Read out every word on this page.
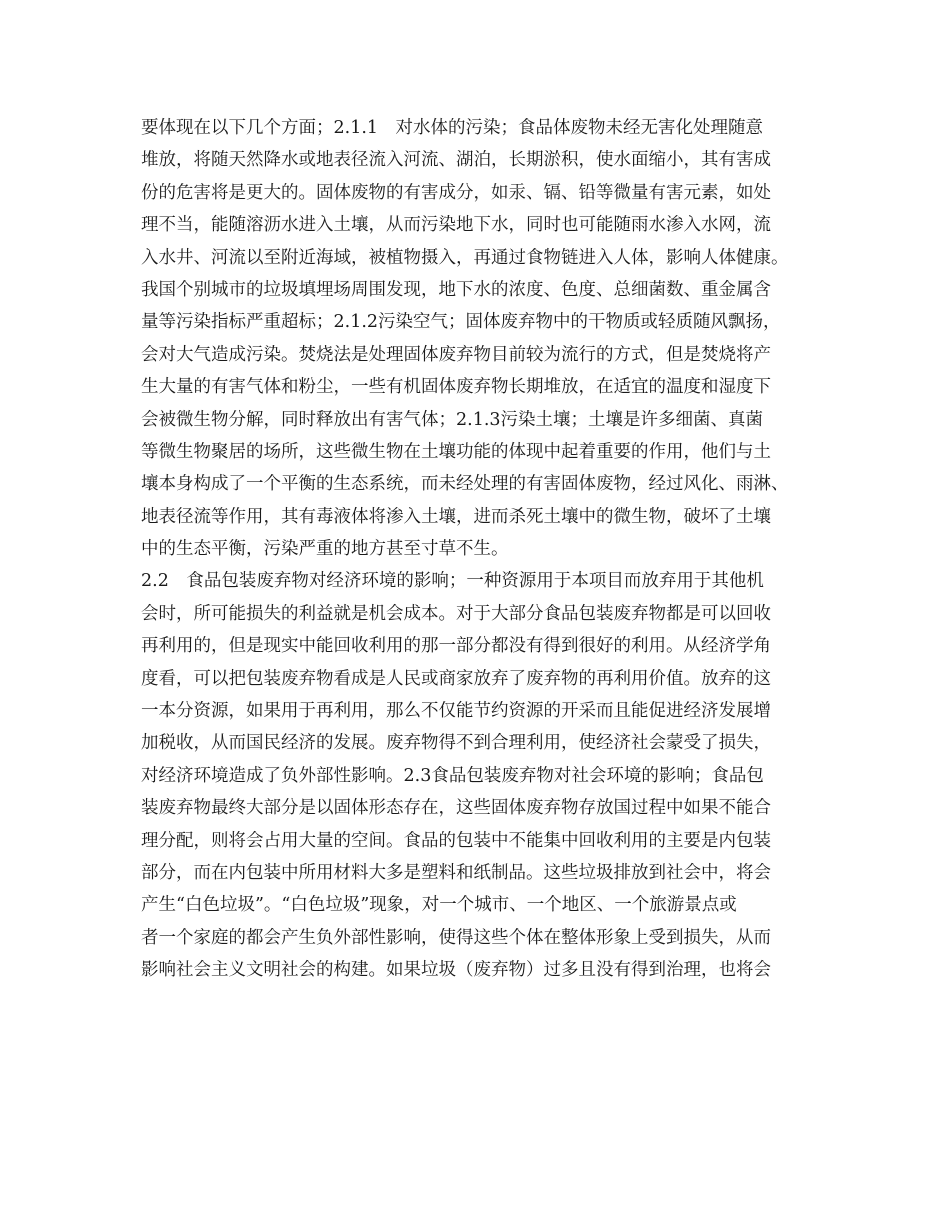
要体现在以下几个方面；2.1.1　对水体的污染；食品体废物未经无害化处理随意
堆放，将随天然降水或地表径流入河流、湖泊，长期淤积，使水面缩小，其有害成
份的危害将是更大的。固体废物的有害成分，如汞、镉、铅等微量有害元素，如处
理不当，能随溶沥水进入土壤，从而污染地下水，同时也可能随雨水渗入水网，流
入水井、河流以至附近海域，被植物摄入，再通过食物链进入人体，影响人体健康。
我国个别城市的垃圾填埋场周围发现，地下水的浓度、色度、总细菌数、重金属含
量等污染指标严重超标；2.1.2污染空气；固体废弃物中的干物质或轻质随风飘扬，
会对大气造成污染。焚烧法是处理固体废弃物目前较为流行的方式，但是焚烧将产
生大量的有害气体和粉尘，一些有机固体废弃物长期堆放，在适宜的温度和湿度下
会被微生物分解，同时释放出有害气体；2.1.3污染土壤；土壤是许多细菌、真菌
等微生物聚居的场所，这些微生物在土壤功能的体现中起着重要的作用，他们与土
壤本身构成了一个平衡的生态系统，而未经处理的有害固体废物，经过风化、雨淋、
地表径流等作用，其有毒液体将渗入土壤，进而杀死土壤中的微生物，破坏了土壤
中的生态平衡，污染严重的地方甚至寸草不生。
2.2　食品包装废弃物对经济环境的影响；一种资源用于本项目而放弃用于其他机
会时，所可能损失的利益就是机会成本。对于大部分食品包装废弃物都是可以回收
再利用的，但是现实中能回收利用的那一部分都没有得到很好的利用。从经济学角
度看，可以把包装废弃物看成是人民或商家放弃了废弃物的再利用价值。放弃的这
一本分资源，如果用于再利用，那么不仅能节约资源的开采而且能促进经济发展增
加税收，从而国民经济的发展。废弃物得不到合理利用，使经济社会蒙受了损失，
对经济环境造成了负外部性影响。2.3食品包装废弃物对社会环境的影响；食品包
装废弃物最终大部分是以固体形态存在，这些固体废弃物存放国过程中如果不能合
理分配，则将会占用大量的空间。食品的包装中不能集中回收利用的主要是内包装
部分，而在内包装中所用材料大多是塑料和纸制品。这些垃圾排放到社会中，将会
产生“白色垃圾”。“白色垃圾”现象，对一个城市、一个地区、一个旅游景点或
者一个家庭的都会产生负外部性影响，使得这些个体在整体形象上受到损失，从而
影响社会主义文明社会的构建。如果垃圾（废弃物）过多且没有得到治理，也将会
